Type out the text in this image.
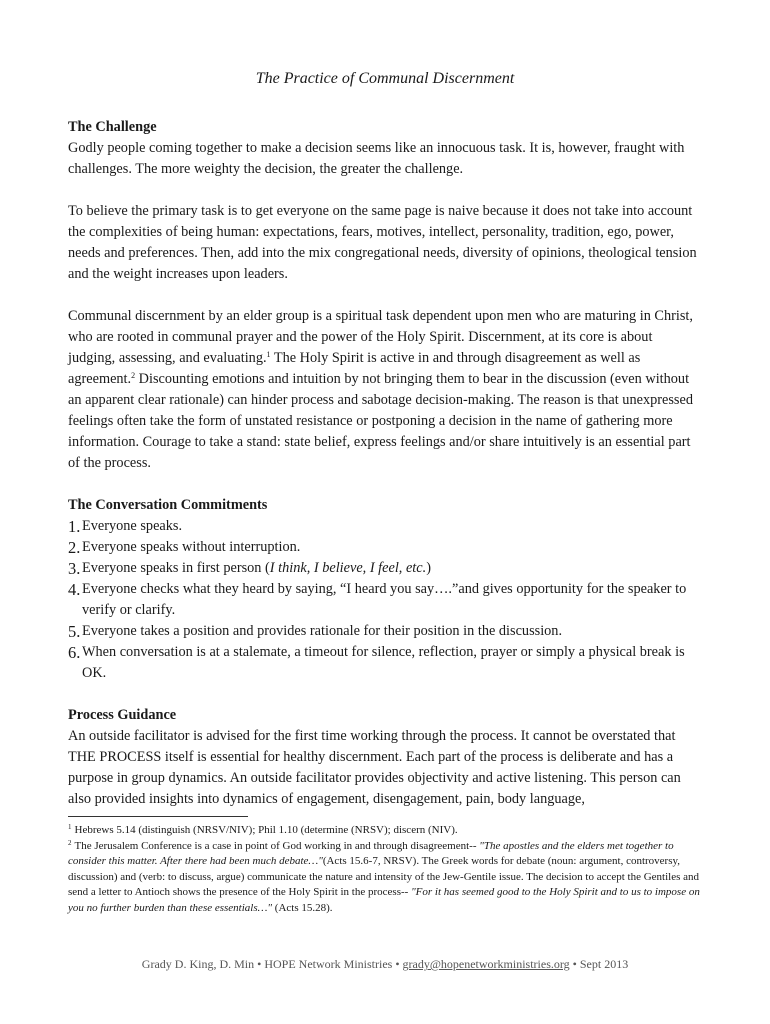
The Practice of Communal Discernment
The Challenge

Godly people coming together to make a decision seems like an innocuous task. It is, however, fraught with challenges. The more weighty the decision, the greater the challenge.

To believe the primary task is to get everyone on the same page is naive because it does not take into account the complexities of being human: expectations, fears, motives, intellect, personality, tradition, ego, power, needs and preferences. Then, add into the mix congregational needs, diversity of opinions, theological tension and the weight increases upon leaders.

Communal discernment by an elder group is a spiritual task dependent upon men who are maturing in Christ, who are rooted in communal prayer and the power of the Holy Spirit. Discernment, at its core is about judging, assessing, and evaluating.$^1$ The Holy Spirit is active in and through disagreement as well as agreement.$^2$ Discounting emotions and intuition by not bringing them to bear in the discussion (even without an apparent clear rationale) can hinder process and sabotage decision-making. The reason is that unexpressed feelings often take the form of unstated resistance or postponing a decision in the name of gathering more information. Courage to take a stand: state belief, express feelings and/or share intuitively is an essential part of the process.

The Conversation Commitments
1. Everyone speaks.
2. Everyone speaks without interruption.
3. Everyone speaks in first person (I think, I believe, I feel, etc.)
4. Everyone checks what they heard by saying, “I heard you say….”and gives opportunity for the speaker to verify or clarify.
5. Everyone takes a position and provides rationale for their position in the discussion.
6. When conversation is at a stalemate, a timeout for silence, reflection, prayer or simply a physical break is OK.
Process Guidance

An outside facilitator is advised for the first time working through the process. It cannot be overstated that THE PROCESS itself is essential for healthy discernment. Each part of the process is deliberate and has a purpose in group dynamics. An outside facilitator provides objectivity and active listening. This person can also provided insights into dynamics of engagement, disengagement, pain, body language,

$^1$ Hebrews 5.14 (distinguish (NRSV/NIV); Phil 1.10 (determine (NRSV); discern (NIV).

$^2$ The Jerusalem Conference is a case in point of God working in and through disagreement-- "The apostles and the elders met together to consider this matter. After there had been much debate…"(Acts 15.6-7, NRSV). The Greek words for debate (noun: argument, controversy, discussion) and (verb: to discuss, argue) communicate the nature and intensity of the Jew-Gentile issue. The decision to accept the Gentiles and send a letter to Antioch shows the presence of the Holy Spirit in the process-- "For it has seemed good to the Holy Spirit and to us to impose on you no further burden than these essentials…" (Acts 15.28).

Grady D. King, D. Min • HOPE Network Ministries • grady@hopenetworkministries.org • Sept 2013
